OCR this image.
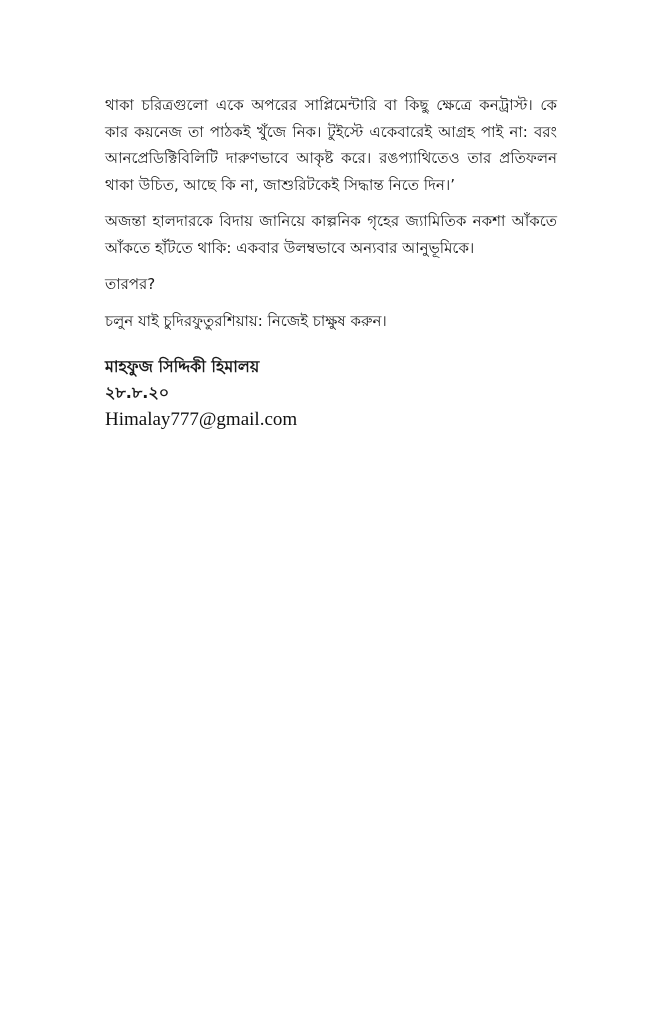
থাকা চরিত্রগুলো একে অপরের সাপ্লিমেন্টারি বা কিছু ক্ষেত্রে কনট্রাস্ট। কে কার কয়নেজ তা পাঠকই খুঁজে নিক। টুইস্টে একেবারেই আগ্রহ পাই না: বরং আনপ্রেডিক্টিবিলিটি দারুণভাবে আকৃষ্ট করে। রঙপ্যাথিতেও তার প্রতিফলন থাকা উচিত, আছে কি না, জাশুরিটকেই সিদ্ধান্ত নিতে দিন।’

অজন্তা হালদারকে বিদায় জানিয়ে কাল্পনিক গৃহের জ্যামিতিক নকশা আঁকতে আঁকতে হাঁটতে থাকি: একবার উলম্বভাবে অন্যবার আনুভূমিকে।

তারপর?

চলুন যাই চুদিরফুতুরশিয়ায়: নিজেই চাক্ষুষ করুন।

মাহফুজ সিদ্দিকী হিমালয়
২৮.৮.২০
Himalay777@gmail.com
